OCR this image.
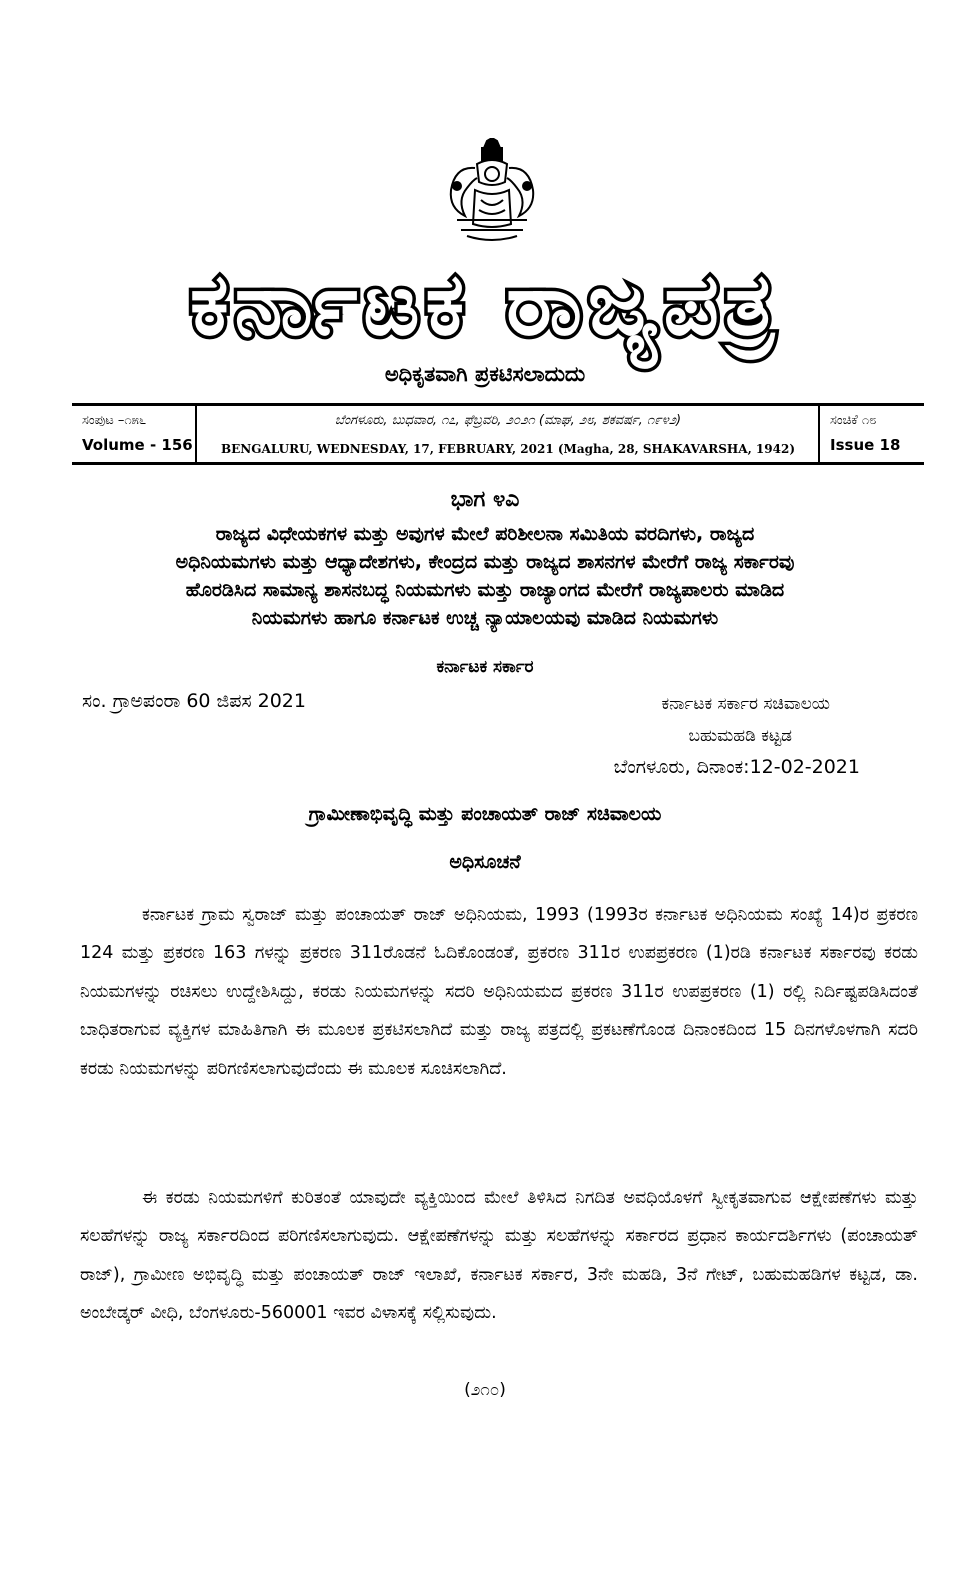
ಕರ್ನಾಟಕ ರಾಜ್ಯಪತ್ರ
ಅಧಿಕೃತವಾಗಿ ಪ್ರಕಟಿಸಲಾದುದು
ಸಂಪುಟ –೧೫೬
Volume - 156
ಬೆಂಗಳೂರು, ಬುಧವಾರ, ೧೭, ಫೆಬ್ರವರಿ, ೨೦೨೧ (ಮಾಘ, ೨೮, ಶಕವರ್ಷ, ೧೯೪೨)
BENGALURU, WEDNESDAY, 17, FEBRUARY, 2021 (Magha, 28, SHAKAVARSHA, 1942)
ಸಂಚಿಕೆ ೧೮
Issue 18
ಭಾಗ ೪ಎ
ರಾಜ್ಯದ ವಿಧೇಯಕಗಳ ಮತ್ತು ಅವುಗಳ ಮೇಲೆ ಪರಿಶೀಲನಾ ಸಮಿತಿಯ ವರದಿಗಳು, ರಾಜ್ಯದ
ಅಧಿನಿಯಮಗಳು ಮತ್ತು ಆಧ್ಯಾದೇಶಗಳು, ಕೇಂದ್ರದ ಮತ್ತು ರಾಜ್ಯದ ಶಾಸನಗಳ ಮೇರೆಗೆ ರಾಜ್ಯ ಸರ್ಕಾರವು
ಹೊರಡಿಸಿದ ಸಾಮಾನ್ಯ ಶಾಸನಬದ್ಧ ನಿಯಮಗಳು ಮತ್ತು ರಾಜ್ಯಾಂಗದ ಮೇರೆಗೆ ರಾಜ್ಯಪಾಲರು ಮಾಡಿದ
ನಿಯಮಗಳು ಹಾಗೂ ಕರ್ನಾಟಕ ಉಚ್ಚ ನ್ಯಾಯಾಲಯವು ಮಾಡಿದ ನಿಯಮಗಳು
ಕರ್ನಾಟಕ ಸರ್ಕಾರ
ಸಂ. ಗ್ರಾಅಪಂರಾ 60 ಜಿಪಸ 2021	ಕರ್ನಾಟಕ ಸರ್ಕಾರ ಸಚಿವಾಲಯ
ಬಹುಮಹಡಿ ಕಟ್ಟಡ
ಬೆಂಗಳೂರು, ದಿನಾಂಕ:12-02-2021
ಗ್ರಾಮೀಣಾಭಿವೃದ್ಧಿ ಮತ್ತು ಪಂಚಾಯತ್ ರಾಜ್ ಸಚಿವಾಲಯ
ಅಧಿಸೂಚನೆ

ಕರ್ನಾಟಕ ಗ್ರಾಮ ಸ್ವರಾಜ್ ಮತ್ತು ಪಂಚಾಯತ್ ರಾಜ್ ಅಧಿನಿಯಮ, 1993 (1993ರ ಕರ್ನಾಟಕ ಅಧಿನಿಯಮ ಸಂಖ್ಯೆ 14)ರ ಪ್ರಕರಣ 124 ಮತ್ತು ಪ್ರಕರಣ 163 ಗಳನ್ನು ಪ್ರಕರಣ 311ರೊಡನೆ ಓದಿಕೊಂಡಂತೆ, ಪ್ರಕರಣ 311ರ ಉಪಪ್ರಕರಣ (1)ರಡಿ ಕರ್ನಾಟಕ ಸರ್ಕಾರವು ಕರಡು ನಿಯಮಗಳನ್ನು ರಚಿಸಲು ಉದ್ದೇಶಿಸಿದ್ದು, ಕರಡು ನಿಯಮಗಳನ್ನು ಸದರಿ ಅಧಿನಿಯಮದ ಪ್ರಕರಣ 311ರ ಉಪಪ್ರಕರಣ (1) ರಲ್ಲಿ ನಿರ್ದಿಷ್ಟಪಡಿಸಿದಂತೆ ಬಾಧಿತರಾಗುವ ವ್ಯಕ್ತಿಗಳ ಮಾಹಿತಿಗಾಗಿ ಈ ಮೂಲಕ ಪ್ರಕಟಿಸಲಾಗಿದೆ ಮತ್ತು ರಾಜ್ಯ ಪತ್ರದಲ್ಲಿ ಪ್ರಕಟಣೆಗೊಂಡ ದಿನಾಂಕದಿಂದ 15 ದಿನಗಳೊಳಗಾಗಿ ಸದರಿ ಕರಡು ನಿಯಮಗಳನ್ನು ಪರಿಗಣಿಸಲಾಗುವುದೆಂದು ಈ ಮೂಲಕ ಸೂಚಿಸಲಾಗಿದೆ.

ಈ ಕರಡು ನಿಯಮಗಳಿಗೆ ಕುರಿತಂತೆ ಯಾವುದೇ ವ್ಯಕ್ತಿಯಿಂದ ಮೇಲೆ ತಿಳಿಸಿದ ನಿಗದಿತ ಅವಧಿಯೊಳಗೆ ಸ್ವೀಕೃತವಾಗುವ ಆಕ್ಷೇಪಣೆಗಳು ಮತ್ತು ಸಲಹೆಗಳನ್ನು ರಾಜ್ಯ ಸರ್ಕಾರದಿಂದ ಪರಿಗಣಿಸಲಾಗುವುದು. ಆಕ್ಷೇಪಣೆಗಳನ್ನು ಮತ್ತು ಸಲಹೆಗಳನ್ನು ಸರ್ಕಾರದ ಪ್ರಧಾನ ಕಾರ್ಯದರ್ಶಿಗಳು (ಪಂಚಾಯತ್ ರಾಜ್), ಗ್ರಾಮೀಣ ಅಭಿವೃದ್ಧಿ ಮತ್ತು ಪಂಚಾಯತ್ ರಾಜ್ ಇಲಾಖೆ, ಕರ್ನಾಟಕ ಸರ್ಕಾರ, 3ನೇ ಮಹಡಿ, 3ನೆ ಗೇಟ್, ಬಹುಮಹಡಿಗಳ ಕಟ್ಟಡ, ಡಾ. ಅಂಬೇಡ್ಕರ್ ವೀಧಿ, ಬೆಂಗಳೂರು-560001 ಇವರ ವಿಳಾಸಕ್ಕೆ ಸಲ್ಲಿಸುವುದು.

(೨೧೦)
